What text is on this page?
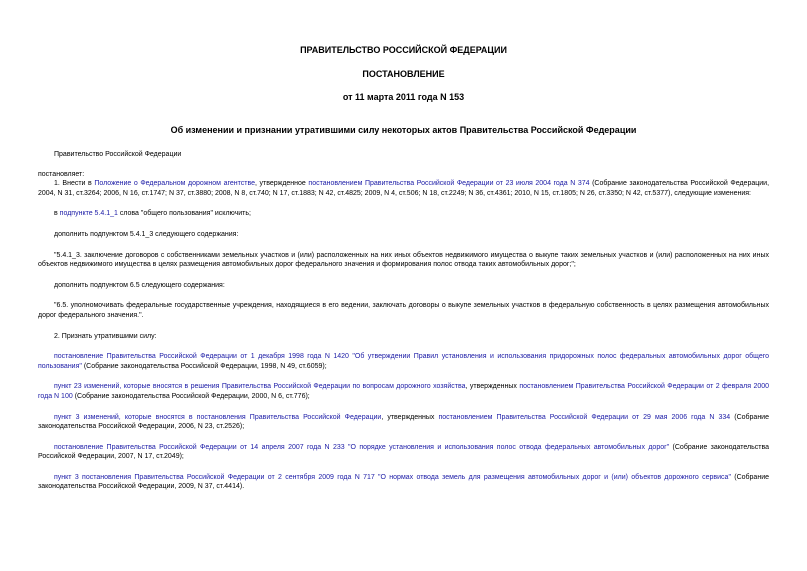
ПРАВИТЕЛЬСТВО РОССИЙСКОЙ ФЕДЕРАЦИИ
ПОСТАНОВЛЕНИЕ
от 11 марта 2011 года N 153
Об изменении и признании утратившими силу некоторых актов Правительства Российской Федерации

Правительство Российской Федерации

постановляет:

1. Внести в Положение о Федеральном дорожном агентстве, утвержденное постановлением Правительства Российской Федерации от 23 июля 2004 года N 374 (Собрание законодательства Российской Федерации, 2004, N 31, ст.3264; 2006, N 16, ст.1747; N 37, ст.3880; 2008, N 8, ст.740; N 17, ст.1883; N 42, ст.4825; 2009, N 4, ст.506; N 18, ст.2249; N 36, ст.4361; 2010, N 15, ст.1805; N 26, ст.3350; N 42, ст.5377), следующие изменения:

в подпункте 5.4.1_1 слова "общего пользования" исключить;

дополнить подпунктом 5.4.1_3 следующего содержания:

"5.4.1_3. заключение договоров с собственниками земельных участков и (или) расположенных на них иных объектов недвижимого имущества о выкупе таких земельных участков и (или) расположенных на них иных объектов недвижимого имущества в целях размещения автомобильных дорог федерального значения и формирования полос отвода таких автомобильных дорог;";

дополнить подпунктом 6.5 следующего содержания:

"6.5. уполномочивать федеральные государственные учреждения, находящиеся в его ведении, заключать договоры о выкупе земельных участков в федеральную собственность в целях размещения автомобильных дорог федерального значения.".

2. Признать утратившими силу:

постановление Правительства Российской Федерации от 1 декабря 1998 года N 1420 "Об утверждении Правил установления и использования придорожных полос федеральных автомобильных дорог общего пользования" (Собрание законодательства Российской Федерации, 1998, N 49, ст.6059);

пункт 23 изменений, которые вносятся в решения Правительства Российской Федерации по вопросам дорожного хозяйства, утвержденных постановлением Правительства Российской Федерации от 2 февраля 2000 года N 100 (Собрание законодательства Российской Федерации, 2000, N 6, ст.776);

пункт 3 изменений, которые вносятся в постановления Правительства Российской Федерации, утвержденных постановлением Правительства Российской Федерации от 29 мая 2006 года N 334 (Собрание законодательства Российской Федерации, 2006, N 23, ст.2526);

постановление Правительства Российской Федерации от 14 апреля 2007 года N 233 "О порядке установления и использования полос отвода федеральных автомобильных дорог" (Собрание законодательства Российской Федерации, 2007, N 17, ст.2049);

пункт 3 постановления Правительства Российской Федерации от 2 сентября 2009 года N 717 "О нормах отвода земель для размещения автомобильных дорог и (или) объектов дорожного сервиса" (Собрание законодательства Российской Федерации, 2009, N 37, ст.4414).
